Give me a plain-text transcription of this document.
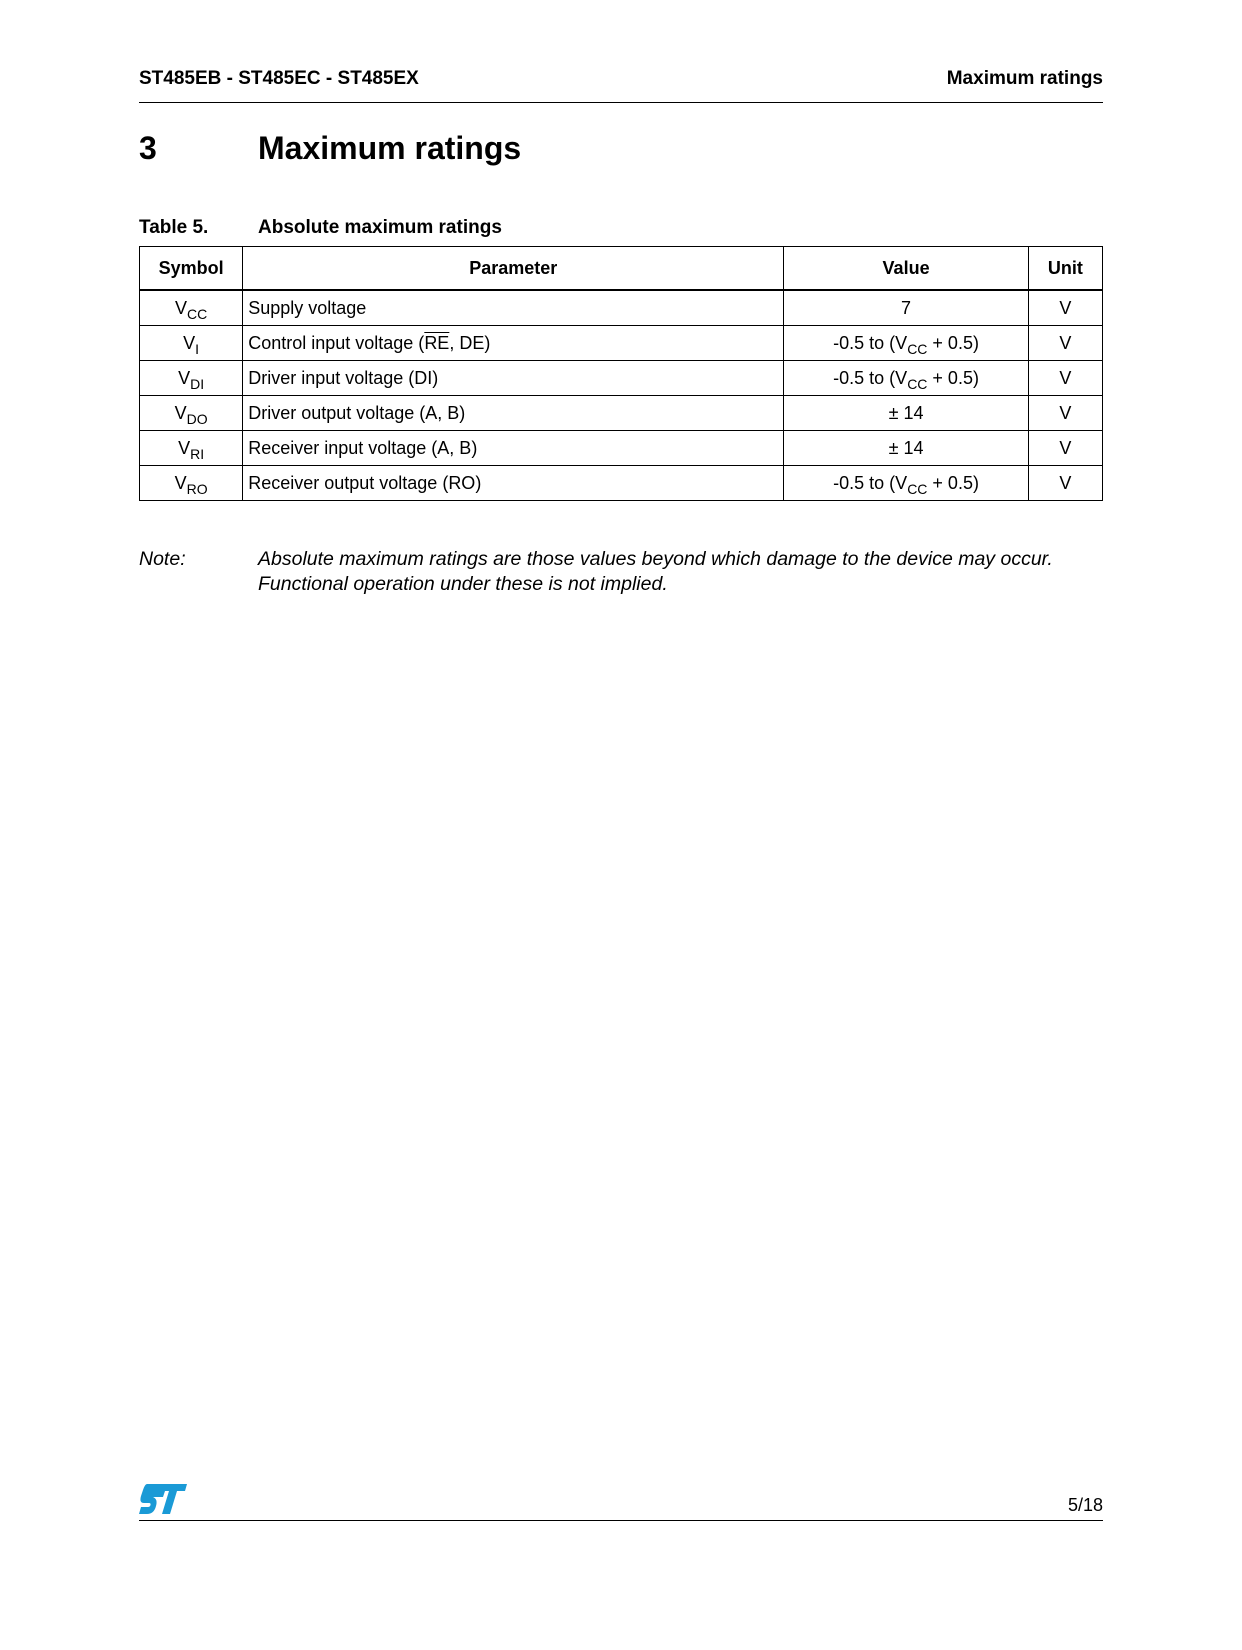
ST485EB - ST485EC - ST485EX	Maximum ratings
3	Maximum ratings
Table 5.	Absolute maximum ratings
Symbol	Parameter	Value	Unit
$V_{CC}$	Supply voltage	7	V
$V_I$	Control input voltage ($\overline{RE}$, DE)	-0.5 to $(V_{CC} + 0.5)$	V
$V_{DI}$	Driver input voltage (DI)	-0.5 to $(V_{CC} + 0.5)$	V
$V_{DO}$	Driver output voltage (A, B)	± 14	V
$V_{RI}$	Receiver input voltage (A, B)	± 14	V
$V_{RO}$	Receiver output voltage (RO)	-0.5 to $(V_{CC} + 0.5)$	V
Note:	Absolute maximum ratings are those values beyond which damage to the device may occur. Functional operation under these is not implied.
5/18
